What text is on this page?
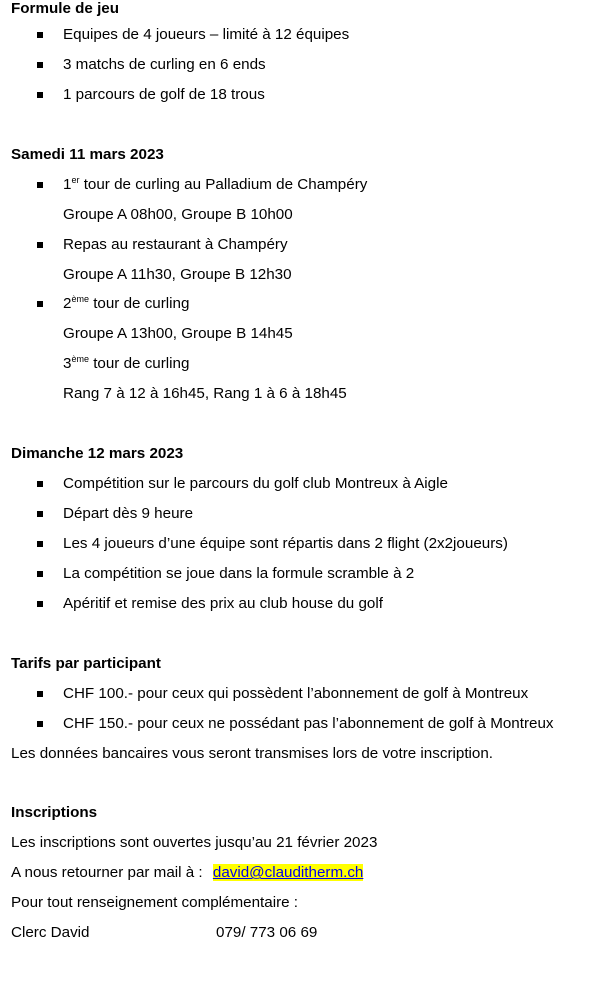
Formule de jeu
Equipes de 4 joueurs – limité à 12 équipes
3 matchs de curling en 6 ends
1 parcours de golf de 18 trous
Samedi 11 mars 2023
1er tour de curling au Palladium de Champéry
Groupe A 08h00, Groupe B 10h00
Repas au restaurant à Champéry
Groupe A 11h30, Groupe B 12h30
2ème tour de curling
Groupe A 13h00, Groupe B 14h45
3ème tour de curling
Rang 7 à 12 à 16h45, Rang 1 à 6 à 18h45
Dimanche 12 mars 2023
Compétition sur le parcours du golf club Montreux à Aigle
Départ dès 9 heure
Les 4 joueurs d’une équipe sont répartis dans 2 flight (2x2joueurs)
La compétition se joue dans la formule scramble à 2
Apéritif et remise des prix au club house du golf
Tarifs par participant
CHF 100.- pour ceux qui possèdent l’abonnement de golf à Montreux
CHF 150.- pour ceux ne possédant pas l’abonnement de golf à Montreux
Les données bancaires vous seront transmises lors de votre inscription.
Inscriptions
Les inscriptions sont ouvertes jusqu’au 21 février 2023
A nous retourner par mail à : david@clauditherm.ch
Pour tout renseignement complémentaire :
Clerc David	079/ 773 06 69
